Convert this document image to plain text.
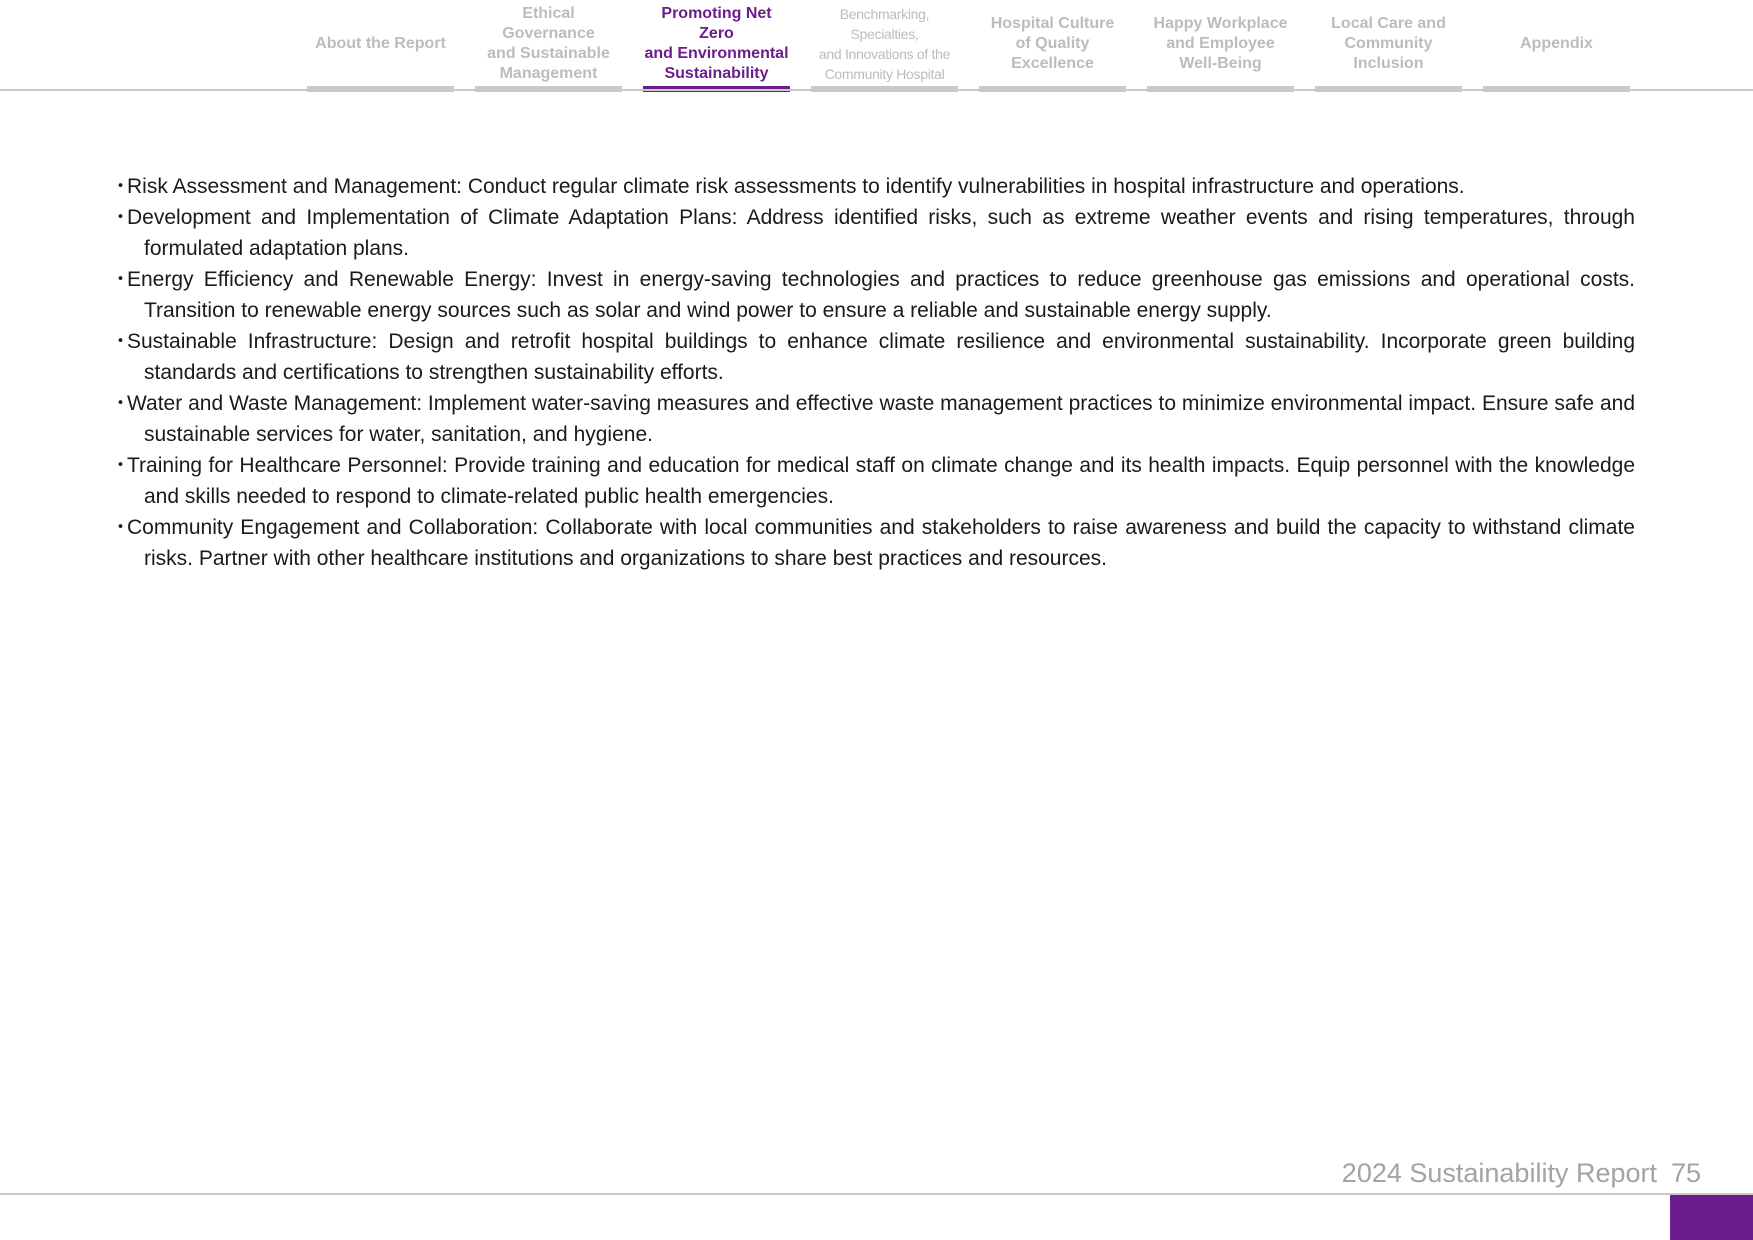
About the Report
Ethical Governance
and Sustainable
Management
Promoting Net Zero
and Environmental
Sustainability
Benchmarking, Specialties,
and Innovations of the
Community Hospital
Hospital Culture
of Quality
Excellence
Happy Workplace
and Employee
Well-Being
Local Care and
Community
Inclusion
Appendix
・
Risk Assessment and Management: Conduct regular climate risk assessments to identify vulnerabilities in hospital infrastructure and operations.
・
Development and Implementation of Climate Adaptation Plans: Address identified risks, such as extreme weather events and rising temperatures, through formulated adaptation plans.
・
Energy Efficiency and Renewable Energy: Invest in energy-saving technologies and practices to reduce greenhouse gas emissions and operational costs. Transition to renewable energy sources such as solar and wind power to ensure a reliable and sustainable energy supply.
・
Sustainable Infrastructure: Design and retrofit hospital buildings to enhance climate resilience and environmental sustainability. Incorporate green building standards and certifications to strengthen sustainability efforts.
・
Water and Waste Management: Implement water-saving measures and effective waste management practices to minimize environmental impact. Ensure safe and sustainable services for water, sanitation, and hygiene.
・
Training for Healthcare Personnel: Provide training and education for medical staff on climate change and its health impacts. Equip personnel with the knowledge and skills needed to respond to climate-related public health emergencies.
・
Community Engagement and Collaboration: Collaborate with local communities and stakeholders to raise awareness and build the capacity to withstand climate risks. Partner with other healthcare institutions and organizations to share best practices and resources.
2024 Sustainability Report 75
